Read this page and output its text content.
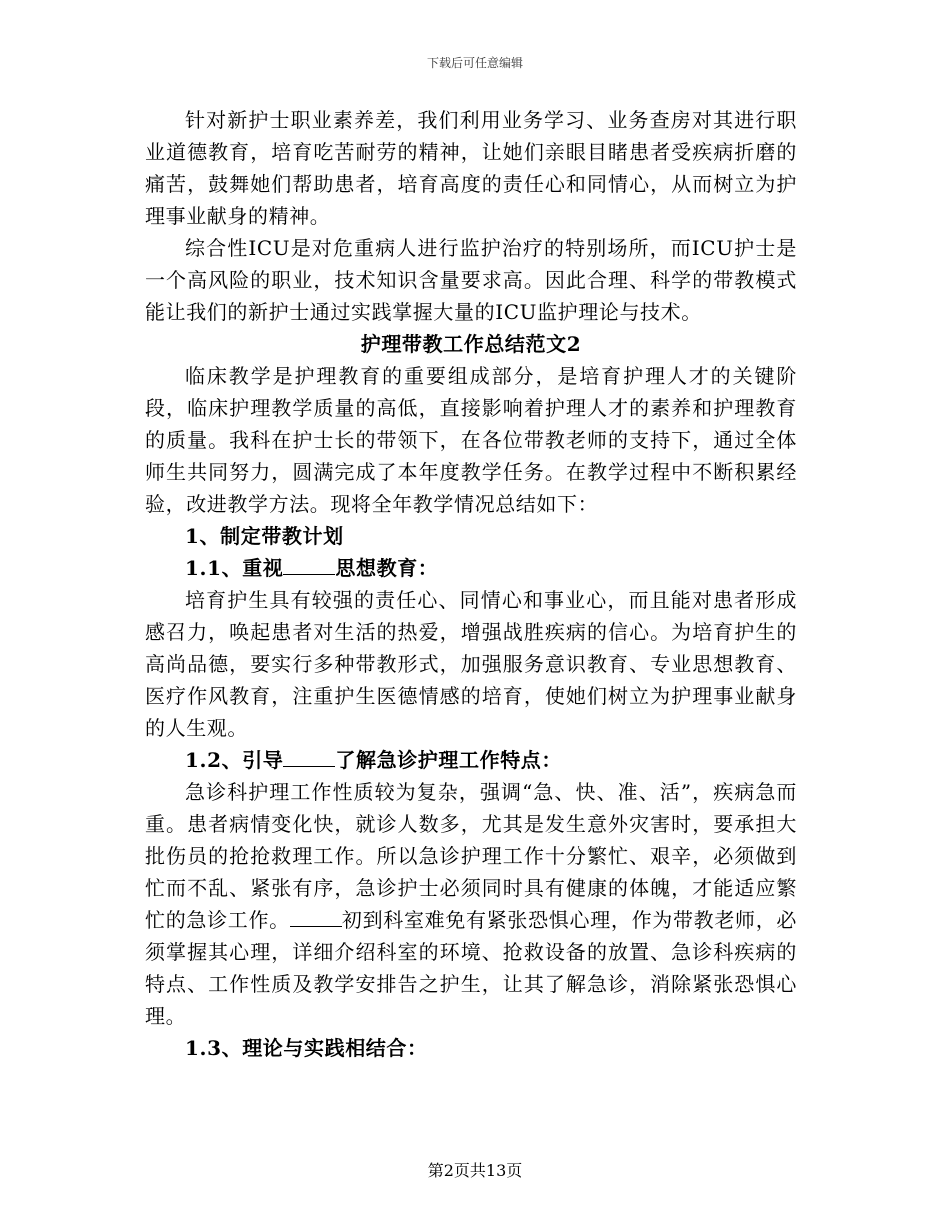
下载后可任意编辑

针对新护士职业素养差，我们利用业务学习、业务查房对其进行职业道德教育，培育吃苦耐劳的精神，让她们亲眼目睹患者受疾病折磨的痛苦，鼓舞她们帮助患者，培育高度的责任心和同情心，从而树立为护理事业献身的精神。

综合性ICU是对危重病人进行监护治疗的特别场所，而ICU护士是一个高风险的职业，技术知识含量要求高。因此合理、科学的带教模式能让我们的新护士通过实践掌握大量的ICU监护理论与技术。

护理带教工作总结范文2

临床教学是护理教育的重要组成部分，是培育护理人才的关键阶段，临床护理教学质量的高低，直接影响着护理人才的素养和护理教育的质量。我科在护士长的带领下，在各位带教老师的支持下，通过全体师生共同努力，圆满完成了本年度教学任务。在教学过程中不断积累经验，改进教学方法。现将全年教学情况总结如下：

1、制定带教计划

1.1、重视	思想教育：

培育护生具有较强的责任心、同情心和事业心，而且能对患者形成感召力，唤起患者对生活的热爱，增强战胜疾病的信心。为培育护生的高尚品德，要实行多种带教形式，加强服务意识教育、专业思想教育、医疗作风教育，注重护生医德情感的培育，使她们树立为护理事业献身的人生观。

1.2、引导	了解急诊护理工作特点：

急诊科护理工作性质较为复杂，强调“急、快、准、活”，疾病急而重。患者病情变化快，就诊人数多，尤其是发生意外灾害时，要承担大批伤员的抢抢救理工作。所以急诊护理工作十分繁忙、艰辛，必须做到忙而不乱、紧张有序，急诊护士必须同时具有健康的体魄，才能适应繁忙的急诊工作。	初到科室难免有紧张恐惧心理，作为带教老师，必须掌握其心理，详细介绍科室的环境、抢救设备的放置、急诊科疾病的特点、工作性质及教学安排告之护生，让其了解急诊，消除紧张恐惧心理。

1.3、理论与实践相结合：

第2页共13页
